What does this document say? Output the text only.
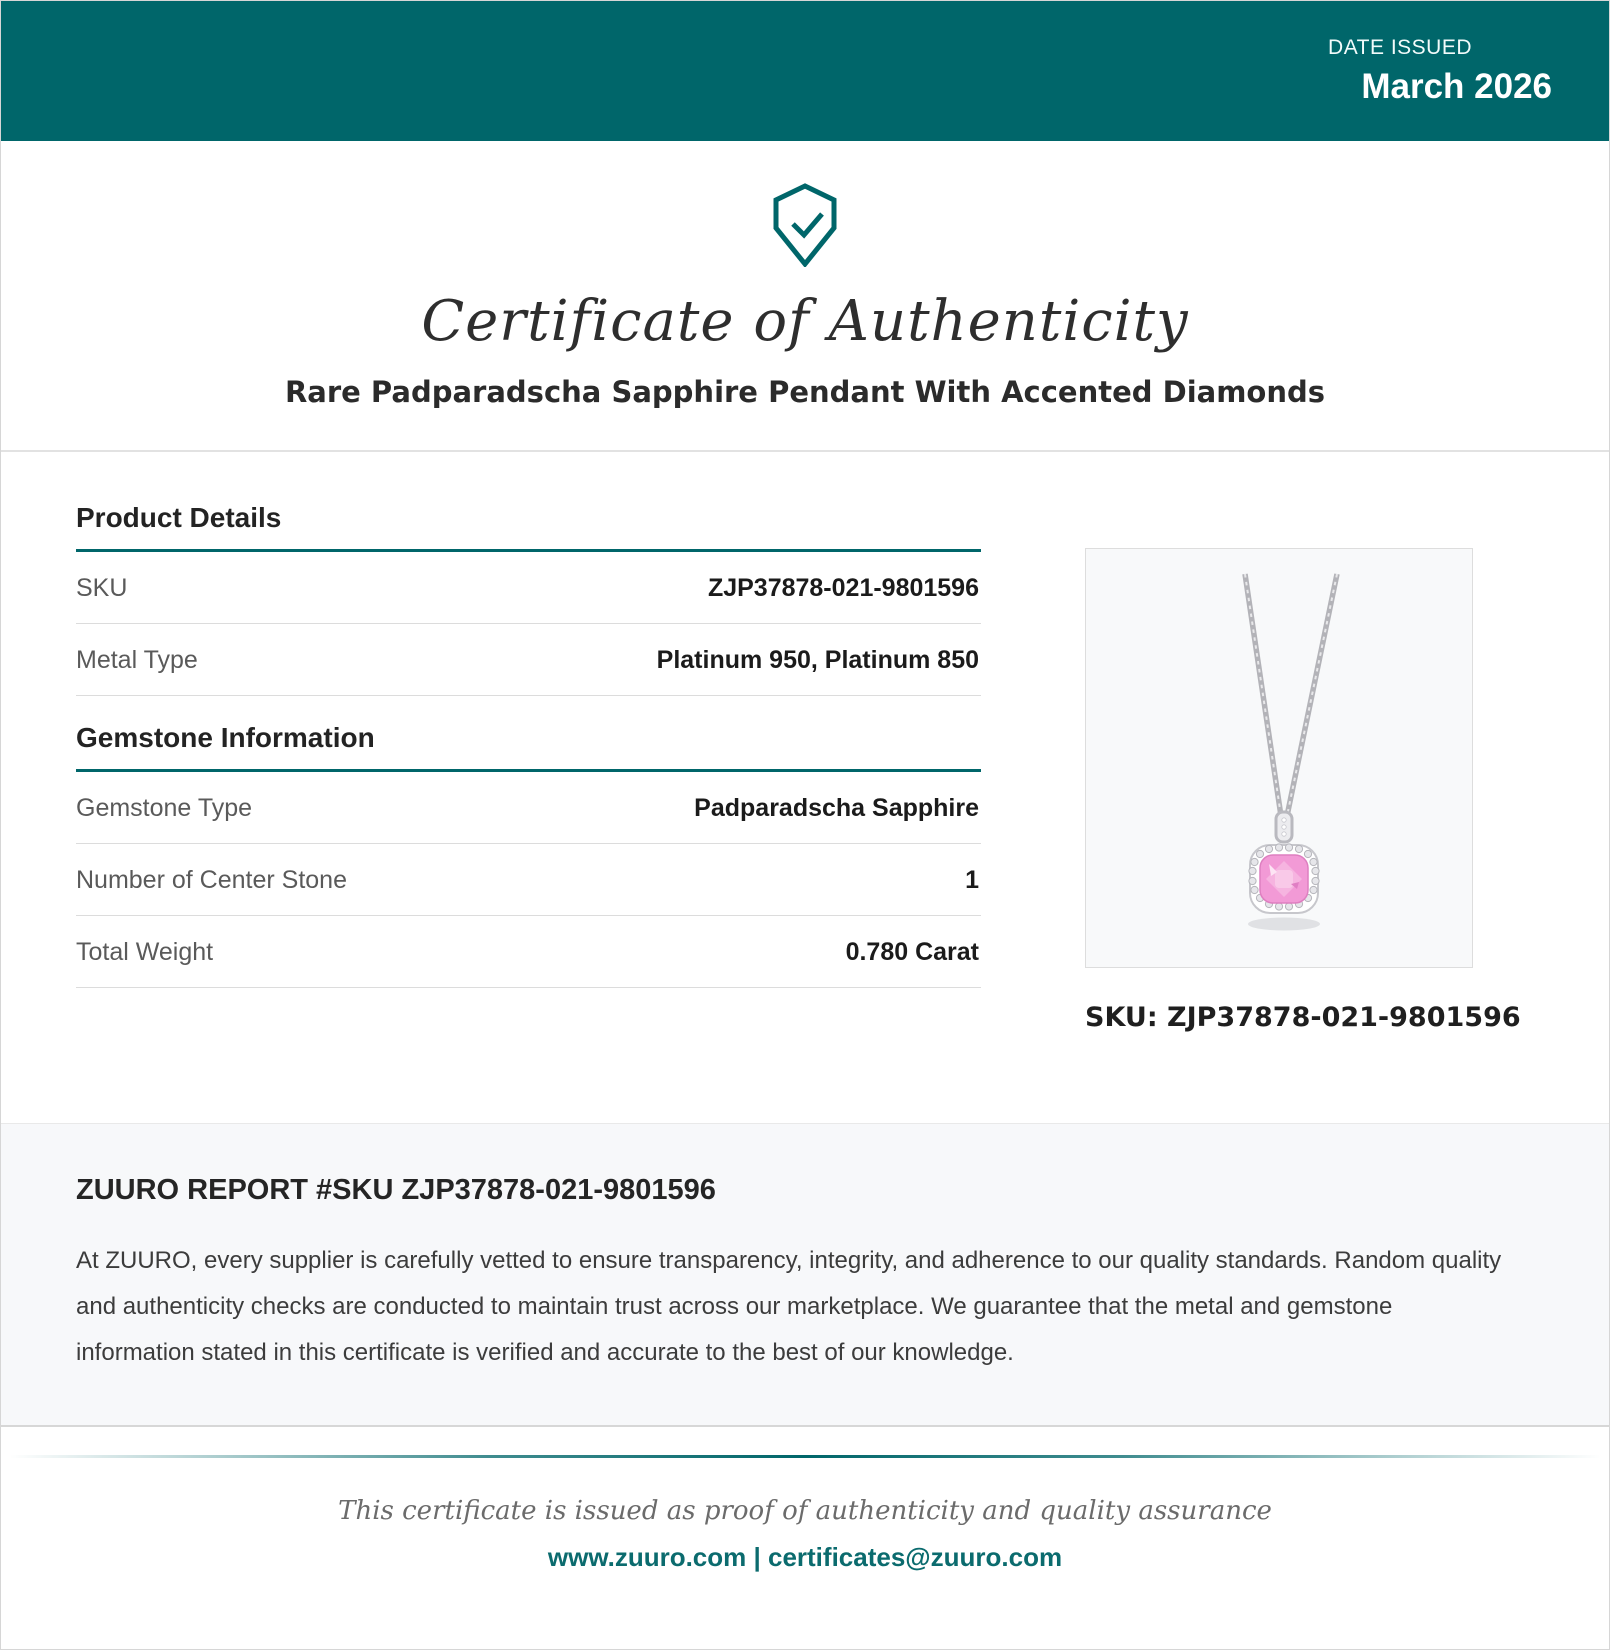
DATE ISSUED
March 2026
Certificate of Authenticity
Rare Padparadscha Sapphire Pendant With Accented Diamonds
Product Details
SKU	ZJP37878-021-9801596
Metal Type	Platinum 950, Platinum 850
Gemstone Information
Gemstone Type	Padparadscha Sapphire
Number of Center Stone	1
Total Weight	0.780 Carat
SKU: ZJP37878-021-9801596
ZUURO REPORT #SKU ZJP37878-021-9801596

At ZUURO, every supplier is carefully vetted to ensure transparency, integrity, and adherence to our quality standards. Random quality and authenticity checks are conducted to maintain trust across our marketplace. We guarantee that the metal and gemstone information stated in this certificate is verified and accurate to the best of our knowledge.

This certificate is issued as proof of authenticity and quality assurance
www.zuuro.com | certificates@zuuro.com
